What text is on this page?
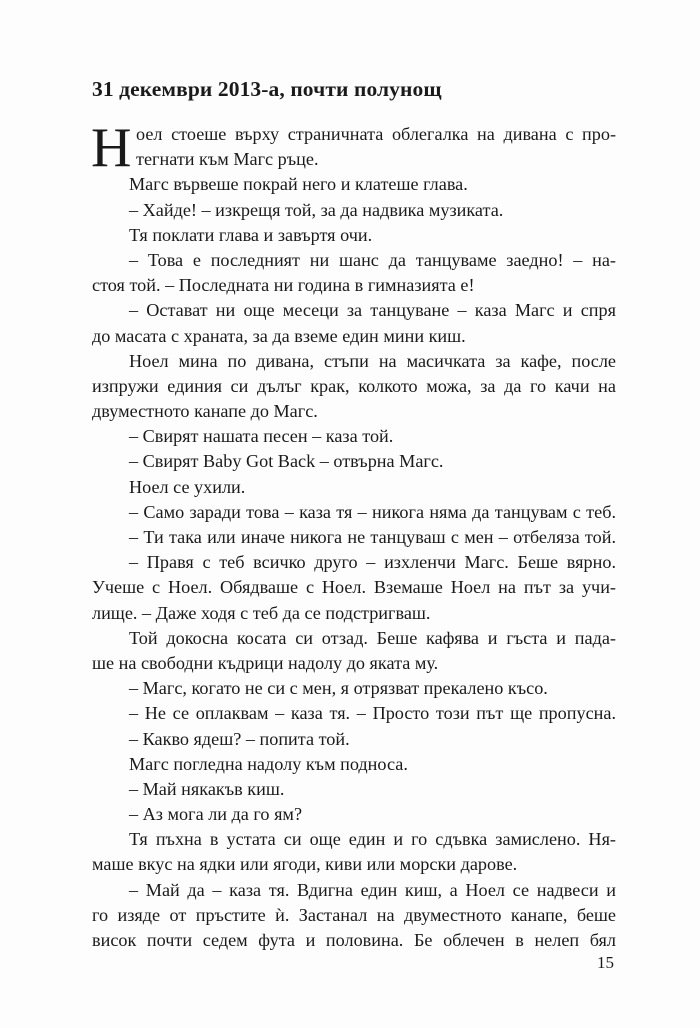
31 декември 2013-а, почти полунощ
Н оел стоеше върху страничната облегалка на дивана с про-
тегнати към Магс ръце.
Магс вървеше покрай него и клатеше глава.
– Хайде! – изкрещя той, за да надвика музиката.
Тя поклати глава и завъртя очи.
– Това е последният ни шанс да танцуваме заедно! – на-
стоя той. – Последната ни година в гимназията е!
– Остават ни още месеци за танцуване – каза Магс и спря
до масата с храната, за да вземе един мини киш.
Ноел мина по дивана, стъпи на масичката за кафе, после
изпружи единия си дълъг крак, колкото можа, за да го качи на
двуместното канапе до Магс.
– Свирят нашата песен – каза той.
– Свирят Baby Got Back – отвърна Магс.
Ноел се ухили.
– Само заради това – каза тя – никога няма да танцувам с теб.
– Ти така или иначе никога не танцуваш с мен – отбеляза той.
– Правя с теб всичко друго – изхленчи Магс. Беше вярно.
Учеше с Ноел. Обядваше с Ноел. Вземаше Ноел на път за учи-
лище. – Даже ходя с теб да се подстригваш.
Той докосна косата си отзад. Беше кафява и гъста и пада-
ше на свободни къдрици надолу до яката му.
– Магс, когато не си с мен, я отрязват прекалено късо.
– Не се оплаквам – каза тя. – Просто този път ще пропусна.
– Какво ядеш? – попита той.
Магс погледна надолу към подноса.
– Май някакъв киш.
– Аз мога ли да го ям?
Тя пъхна в устата си още един и го сдъвка замислено. Ня-
маше вкус на ядки или ягоди, киви или морски дарове.
– Май да – каза тя. Вдигна един киш, а Ноел се надвеси и
го изяде от пръстите ѝ. Застанал на двуместното канапе, беше
висок почти седем фута и половина. Бе облечен в нелеп бял
15
